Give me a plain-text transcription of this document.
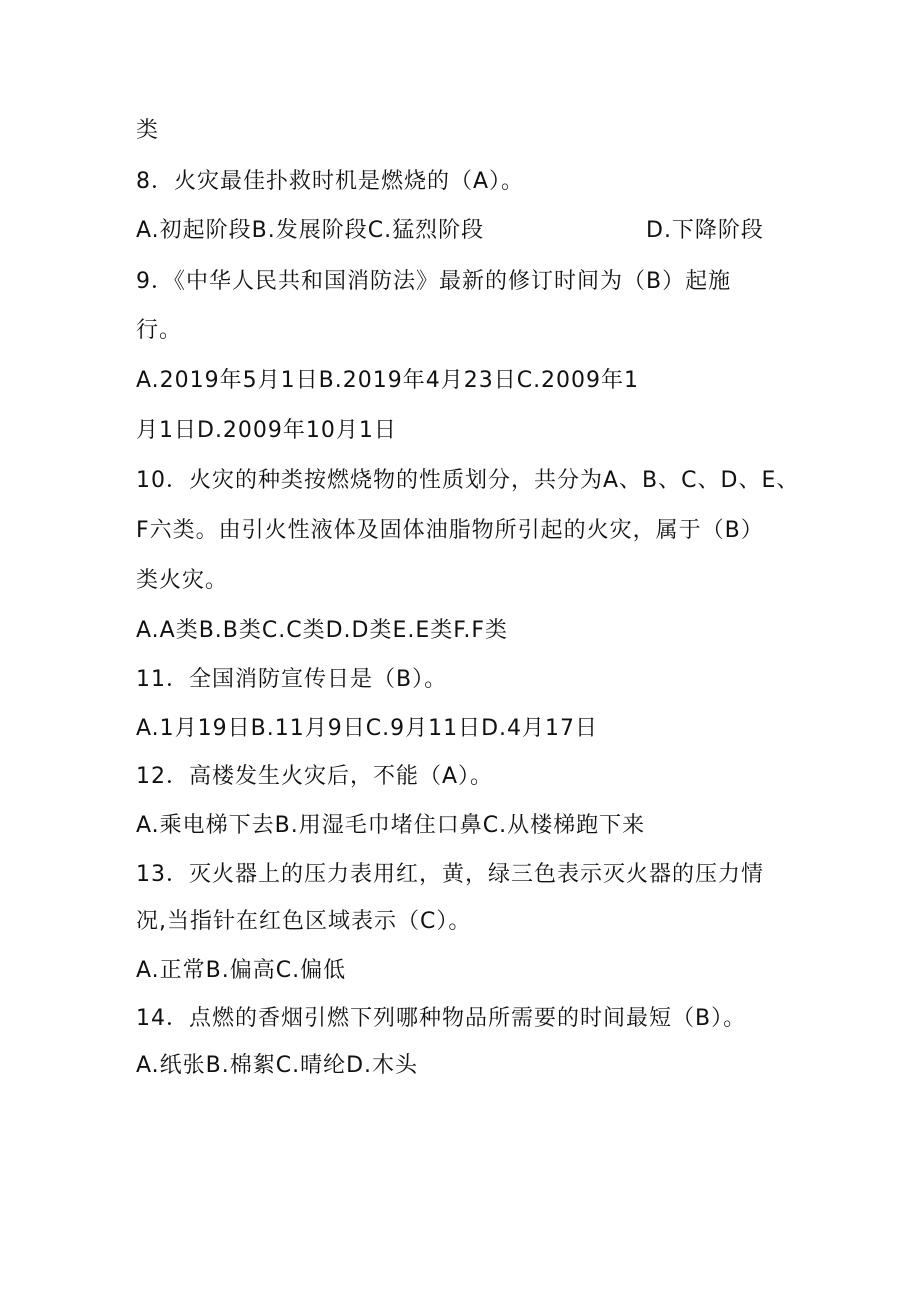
类
8．火灾最佳扑救时机是燃烧的（A）。
A.初起阶段B.发展阶段C.猛烈阶段	D.下降阶段
9．《中华人民共和国消防法》最新的修订时间为（B）起施
行。
A.2019年5月1日B.2019年4月23日C.2009年1
月1日D.2009年10月1日
10．火灾的种类按燃烧物的性质划分，共分为A、B、C、D、E、
F六类。由引火性液体及固体油脂物所引起的火灾，属于（B）
类火灾。
A.A类B.B类C.C类D.D类E.E类F.F类
11．全国消防宣传日是（B）。
A.1月19日B.11月9日C.9月11日D.4月17日
12．高楼发生火灾后，不能（A）。
A.乘电梯下去B.用湿毛巾堵住口鼻C.从楼梯跑下来
13．灭火器上的压力表用红，黄，绿三色表示灭火器的压力情
况,当指针在红色区域表示（C）。
A.正常B.偏高C.偏低
14．点燃的香烟引燃下列哪种物品所需要的时间最短（B）。
A.纸张B.棉絮C.晴纶D.木头
